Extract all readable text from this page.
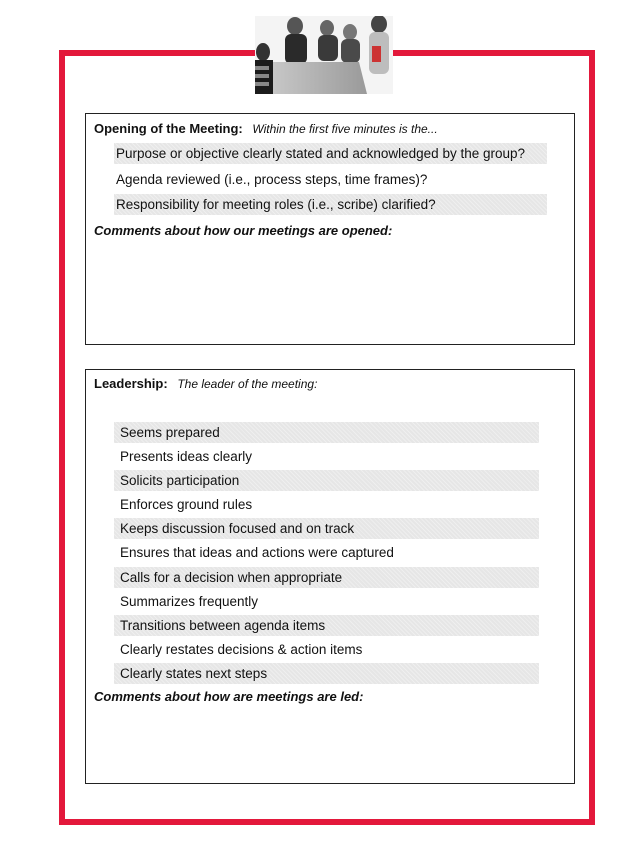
Opening of the Meeting: Within the first five minutes is the...
Purpose or objective clearly stated and acknowledged by the group?
Agenda reviewed (i.e., process steps, time frames)?
Responsibility for meeting roles (i.e., scribe) clarified?
Comments about how our meetings are opened:
Leadership: The leader of the meeting:
Seems prepared
Presents ideas clearly
Solicits participation
Enforces ground rules
Keeps discussion focused and on track
Ensures that ideas and actions were captured
Calls for a decision when appropriate
Summarizes frequently
Transitions between agenda items
Clearly restates decisions & action items
Clearly states next steps
Comments about how are meetings are led:
